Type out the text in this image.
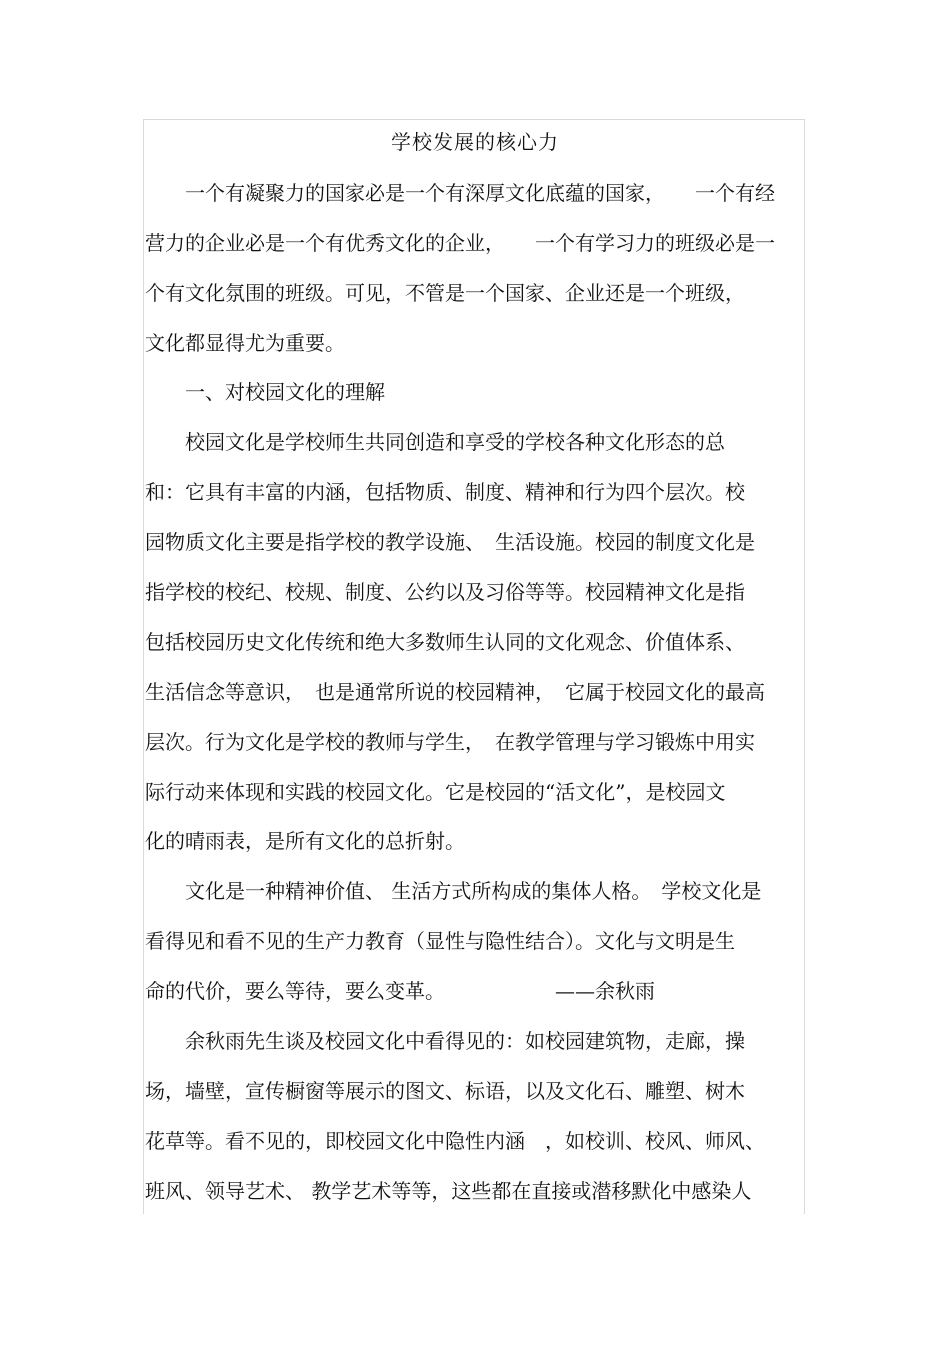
学校发展的核心力
　　一个有凝聚力的国家必是一个有深厚文化底蕴的国家，　　一个有经
营力的企业必是一个有优秀文化的企业，　　一个有学习力的班级必是一
个有文化氛围的班级。可见，不管是一个国家、企业还是一个班级，
文化都显得尤为重要。
　　一、对校园文化的理解
　　校园文化是学校师生共同创造和享受的学校各种文化形态的总
和：它具有丰富的内涵，包括物质、制度、精神和行为四个层次。校
园物质文化主要是指学校的教学设施、　生活设施。校园的制度文化是
指学校的校纪、校规、制度、公约以及习俗等等。校园精神文化是指
包括校园历史文化传统和绝大多数师生认同的文化观念、价值体系、
生活信念等意识，　也是通常所说的校园精神，　它属于校园文化的最高
层次。行为文化是学校的教师与学生，　在教学管理与学习锻炼中用实
际行动来体现和实践的校园文化。它是校园的“活文化”，是校园文
化的晴雨表，是所有文化的总折射。
　　文化是一种精神价值、 生活方式所构成的集体人格。　学校文化是
看得见和看不见的生产力教育（显性与隐性结合）。文化与文明是生
命的代价，要么等待，要么变革。　　　　　　——余秋雨
　　余秋雨先生谈及校园文化中看得见的：如校园建筑物，走廊，操
场，墙壁，宣传橱窗等展示的图文、标语，以及文化石、雕塑、树木
花草等。看不见的，即校园文化中隐性内涵　，如校训、校风、师风、
班风、领导艺术、 教学艺术等等，这些都在直接或潜移默化中感染人
